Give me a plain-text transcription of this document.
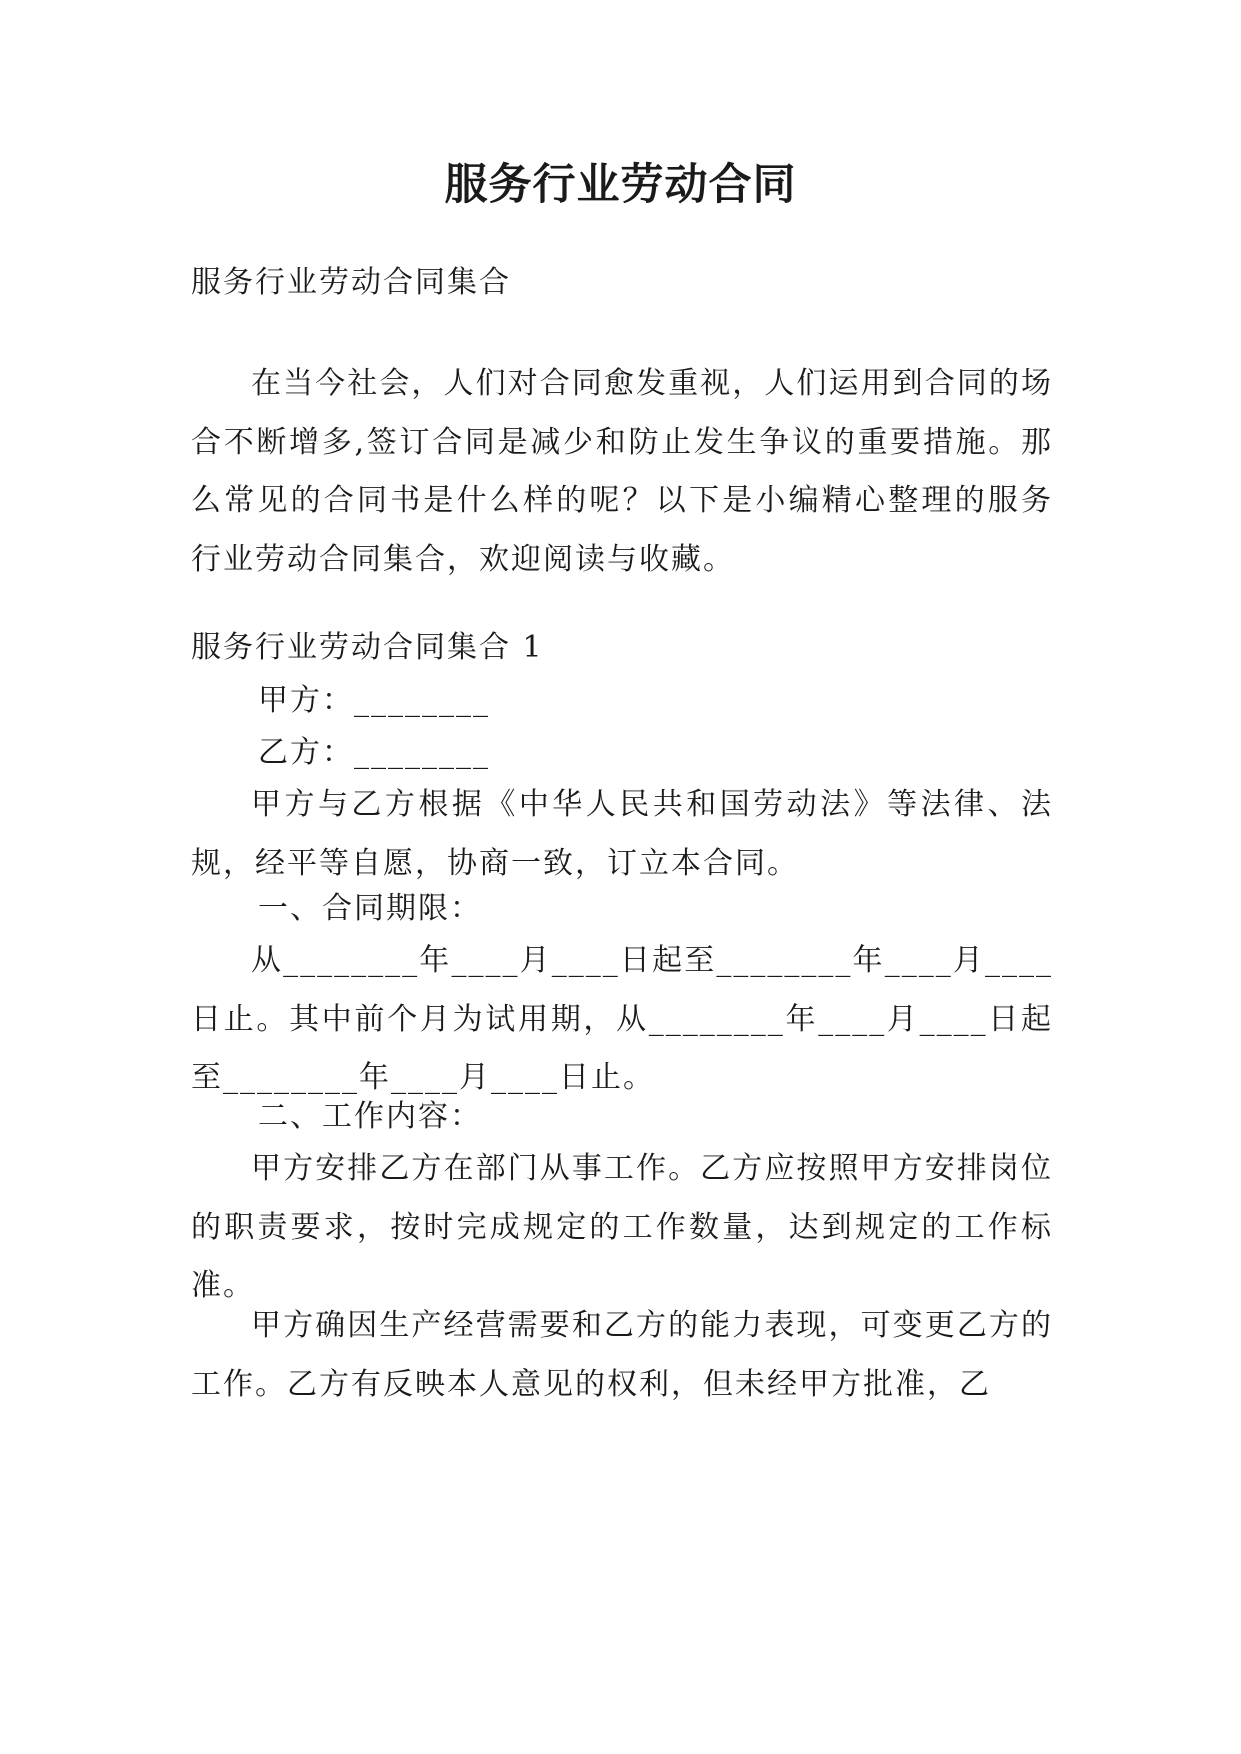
服务行业劳动合同
服务行业劳动合同集合
在当今社会，人们对合同愈发重视，人们运用到合同的场合不断增多,签订合同是减少和防止发生争议的重要措施。那么常见的合同书是什么样的呢？以下是小编精心整理的服务行业劳动合同集合，欢迎阅读与收藏。
服务行业劳动合同集合 1
甲方：________
乙方：________
甲方与乙方根据《中华人民共和国劳动法》等法律、法规，经平等自愿，协商一致，订立本合同。
一、合同期限：
从________年____月____日起至________年____月____日止。其中前个月为试用期，从________年____月____日起至________年____月____日止。
二、工作内容：
甲方安排乙方在部门从事工作。乙方应按照甲方安排岗位的职责要求，按时完成规定的工作数量，达到规定的工作标准。
甲方确因生产经营需要和乙方的能力表现，可变更乙方的工作。乙方有反映本人意见的权利，但未经甲方批准，乙
